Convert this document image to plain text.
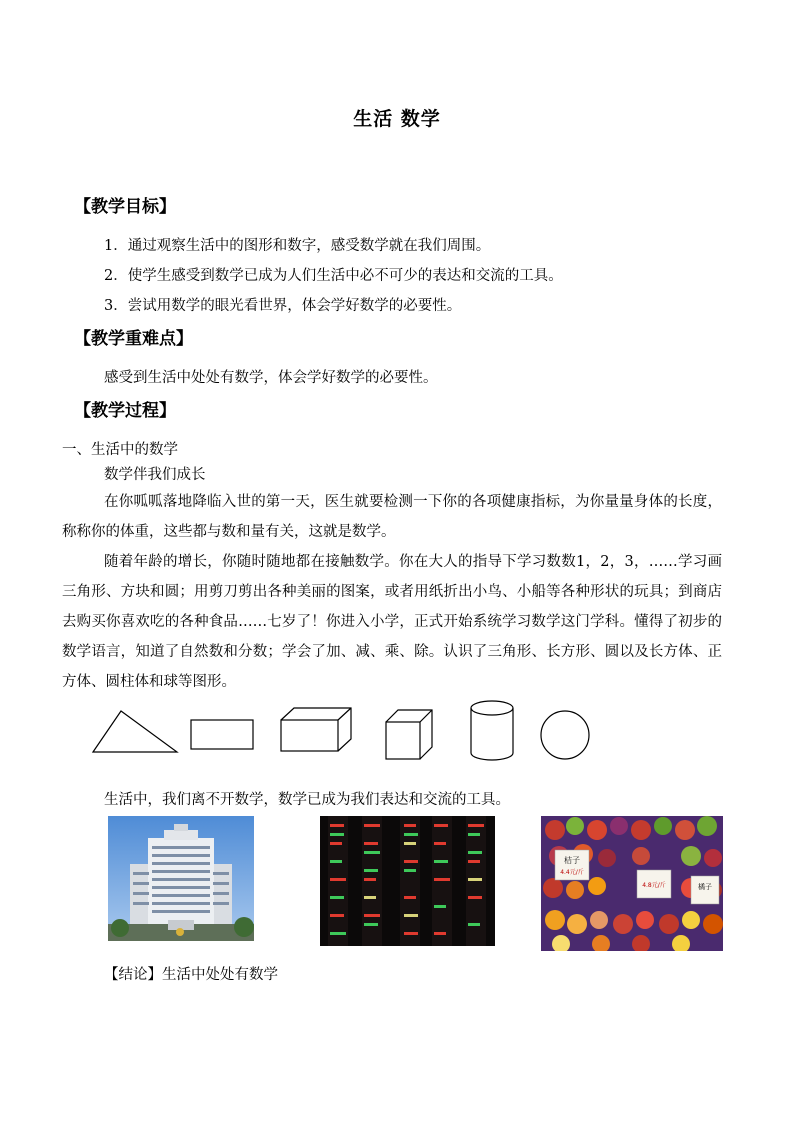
生活 数学
【教学目标】
1．通过观察生活中的图形和数字，感受数学就在我们周围。
2．使学生感受到数学已成为人们生活中必不可少的表达和交流的工具。
3．尝试用数学的眼光看世界，体会学好数学的必要性。
【教学重难点】
感受到生活中处处有数学，体会学好数学的必要性。
【教学过程】
一、生活中的数学
数学伴我们成长
在你呱呱落地降临入世的第一天，医生就要检测一下你的各项健康指标，为你量量身体的长度，称称你的体重，这些都与数和量有关，这就是数学。
随着年龄的增长，你随时随地都在接触数学。你在大人的指导下学习数数1，2，3，……学习画三角形、方块和圆；用剪刀剪出各种美丽的图案，或者用纸折出小鸟、小船等各种形状的玩具；到商店去购买你喜欢吃的各种食品……七岁了！你进入小学，正式开始系统学习数学这门学科。懂得了初步的数学语言，知道了自然数和分数；学会了加、减、乘、除。认识了三角形、长方形、圆以及长方体、正方体、圆柱体和球等图形。
生活中，我们离不开数学，数学已成为我们表达和交流的工具。
桔子
4.4元/斤
4.8元/斤	橘子
【结论】生活中处处有数学
